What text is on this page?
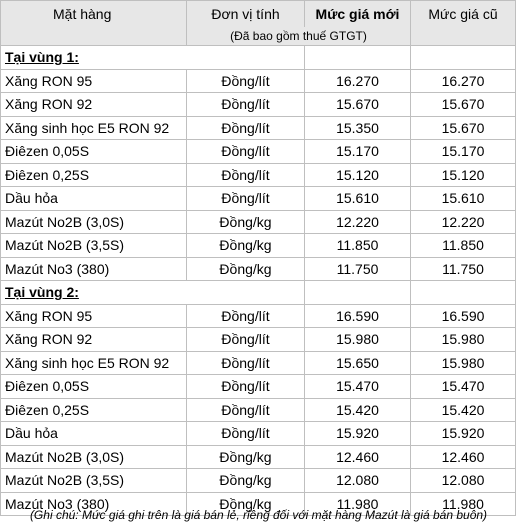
Mặt hàng	Đơn vị tính	Mức giá mới	Mức giá cũ
	(Đã bao gồm thuế GTGT)		
Tại vùng 1:			
Xăng RON 95	Đồng/lít	16.270	16.270
Xăng RON 92	Đồng/lít	15.670	15.670
Xăng sinh học E5 RON 92	Đồng/lít	15.350	15.670
Điêzen 0,05S	Đồng/lít	15.170	15.170
Điêzen 0,25S	Đồng/lít	15.120	15.120
Dầu hỏa	Đồng/lít	15.610	15.610
Mazút No2B (3,0S)	Đồng/kg	12.220	12.220
Mazút No2B (3,5S)	Đồng/kg	11.850	11.850
Mazút No3 (380)	Đồng/kg	11.750	11.750
Tại vùng 2:			
Xăng RON 95	Đồng/lít	16.590	16.590
Xăng RON 92	Đồng/lít	15.980	15.980
Xăng sinh học E5 RON 92	Đồng/lít	15.650	15.980
Điêzen 0,05S	Đồng/lít	15.470	15.470
Điêzen 0,25S	Đồng/lít	15.420	15.420
Dầu hỏa	Đồng/lít	15.920	15.920
Mazút No2B (3,0S)	Đồng/kg	12.460	12.460
Mazút No2B (3,5S)	Đồng/kg	12.080	12.080
Mazút No3 (380)	Đồng/kg	11.980	11.980
(Ghi chú: Mức giá ghi trên là giá bán lẻ, riêng đối với mặt hàng Mazút là giá bán buôn)
